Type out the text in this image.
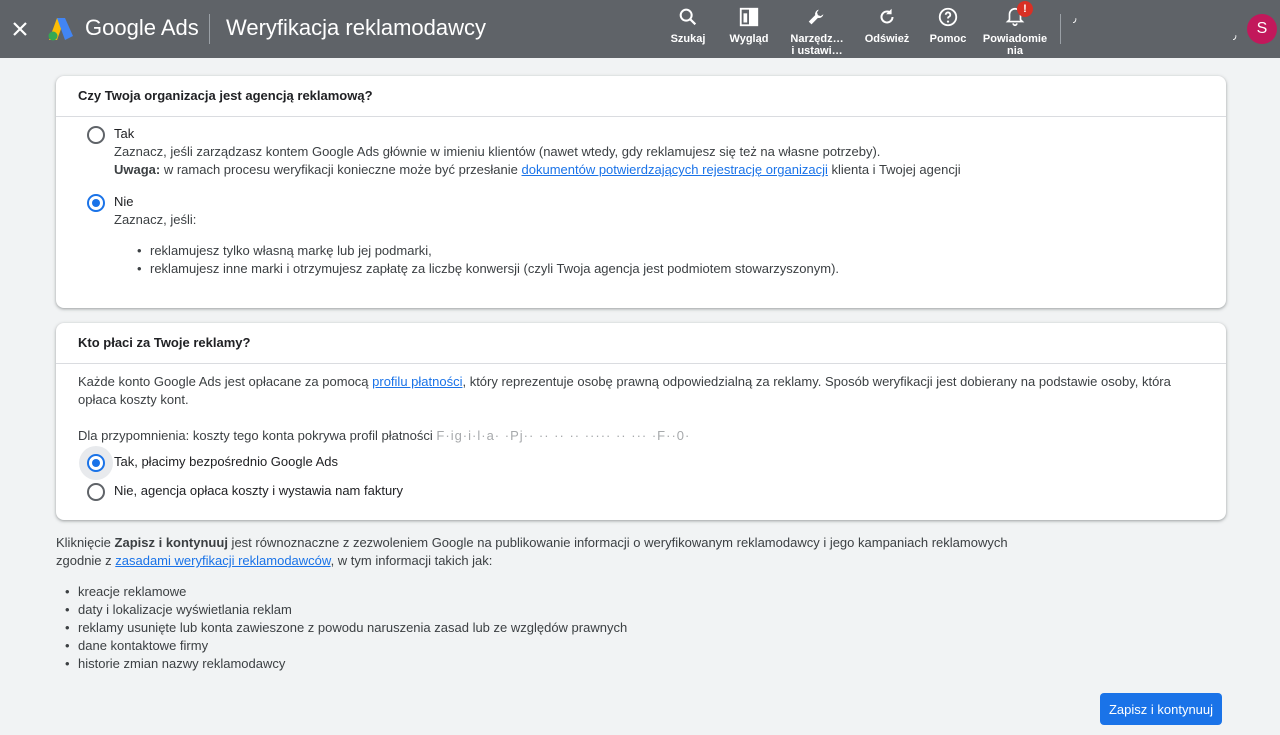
Google Ads Weryfikacja reklamodawcy	Szukaj Wygląd Narzędz…
i ustawi…
Odśwież Pomoc
!
Powiadomie
nia
٫
٫	S
Czy Twoja organizacja jest agencją reklamową?
Tak
Zaznacz, jeśli zarządzasz kontem Google Ads głównie w imieniu klientów (nawet wtedy, gdy reklamujesz się też na własne potrzeby).
Uwaga: w ramach procesu weryfikacji konieczne może być przesłanie dokumentów potwierdzających rejestrację organizacji klienta i Twojej agencji
Nie
Zaznacz, jeśli:
• reklamujesz tylko własną markę lub jej podmarki,
• reklamujesz inne marki i otrzymujesz zapłatę za liczbę konwersji (czyli Twoja agencja jest podmiotem stowarzyszonym).
Kto płaci za Twoje reklamy?
Każde konto Google Ads jest opłacane za pomocą profilu płatności, który reprezentuje osobę prawną odpowiedzialną za reklamy. Sposób weryfikacji jest dobierany na podstawie osoby, która
opłaca koszty kont.
Dla przypomnienia: koszty tego konta pokrywa profil płatności F·ig·i·l·a· ·Pj·· ·· ·· ·· ····· ·· ··· ·F··0·
Tak, płacimy bezpośrednio Google Ads
Nie, agencja opłaca koszty i wystawia nam faktury
Kliknięcie Zapisz i kontynuuj jest równoznaczne z zezwoleniem Google na publikowanie informacji o weryfikowanym reklamodawcy i jego kampaniach reklamowych
zgodnie z zasadami weryfikacji reklamodawców, w tym informacji takich jak:
• kreacje reklamowe
• daty i lokalizacje wyświetlania reklam
• reklamy usunięte lub konta zawieszone z powodu naruszenia zasad lub ze względów prawnych
• dane kontaktowe firmy
• historie zmian nazwy reklamodawcy
Zapisz i kontynuuj
